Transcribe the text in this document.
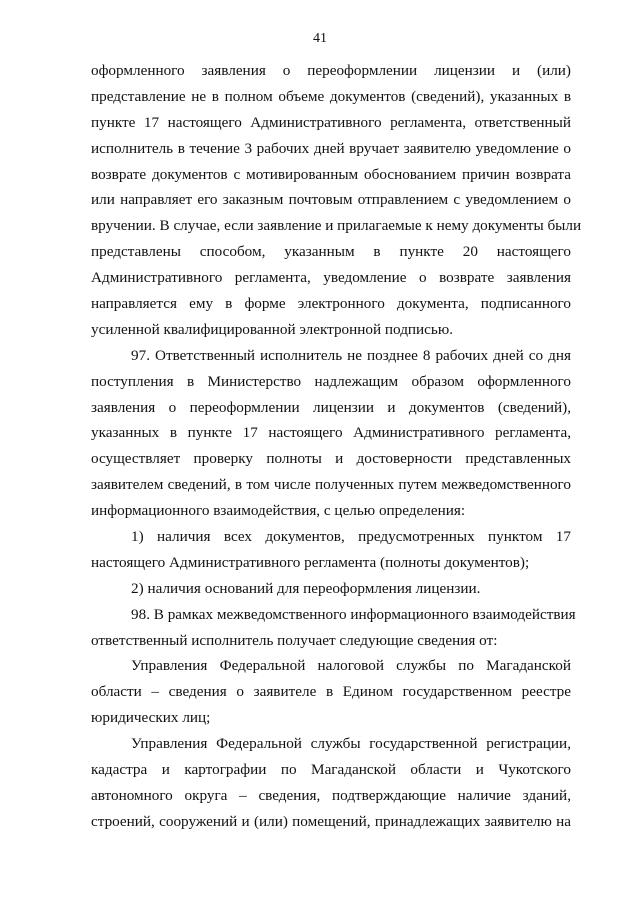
41
оформленного заявления о переоформлении лицензии и (или)
представление не в полном объеме документов (сведений), указанных в
пункте 17 настоящего Административного регламента, ответственный
исполнитель в течение 3 рабочих дней вручает заявителю уведомление о
возврате документов с мотивированным обоснованием причин возврата
или направляет его заказным почтовым отправлением с уведомлением о
вручении. В случае, если заявление и прилагаемые к нему документы были
представлены способом, указанным в пункте 20 настоящего
Административного регламента, уведомление о возврате заявления
направляется ему в форме электронного документа, подписанного
усиленной квалифицированной электронной подписью.
97. Ответственный исполнитель не позднее 8 рабочих дней со дня
поступления в Министерство надлежащим образом оформленного
заявления о переоформлении лицензии и документов (сведений),
указанных в пункте 17 настоящего Административного регламента,
осуществляет проверку полноты и достоверности представленных
заявителем сведений, в том числе полученных путем межведомственного
информационного взаимодействия, с целью определения:
1) наличия всех документов, предусмотренных пунктом 17
настоящего Административного регламента (полноты документов);
2) наличия оснований для переоформления лицензии.
98. В рамках межведомственного информационного взаимодействия
ответственный исполнитель получает следующие сведения от:
Управления Федеральной налоговой службы по Магаданской
области – сведения о заявителе в Едином государственном реестре
юридических лиц;
Управления Федеральной службы государственной регистрации,
кадастра и картографии по Магаданской области и Чукотского
автономного округа – сведения, подтверждающие наличие зданий,
строений, сооружений и (или) помещений, принадлежащих заявителю на
